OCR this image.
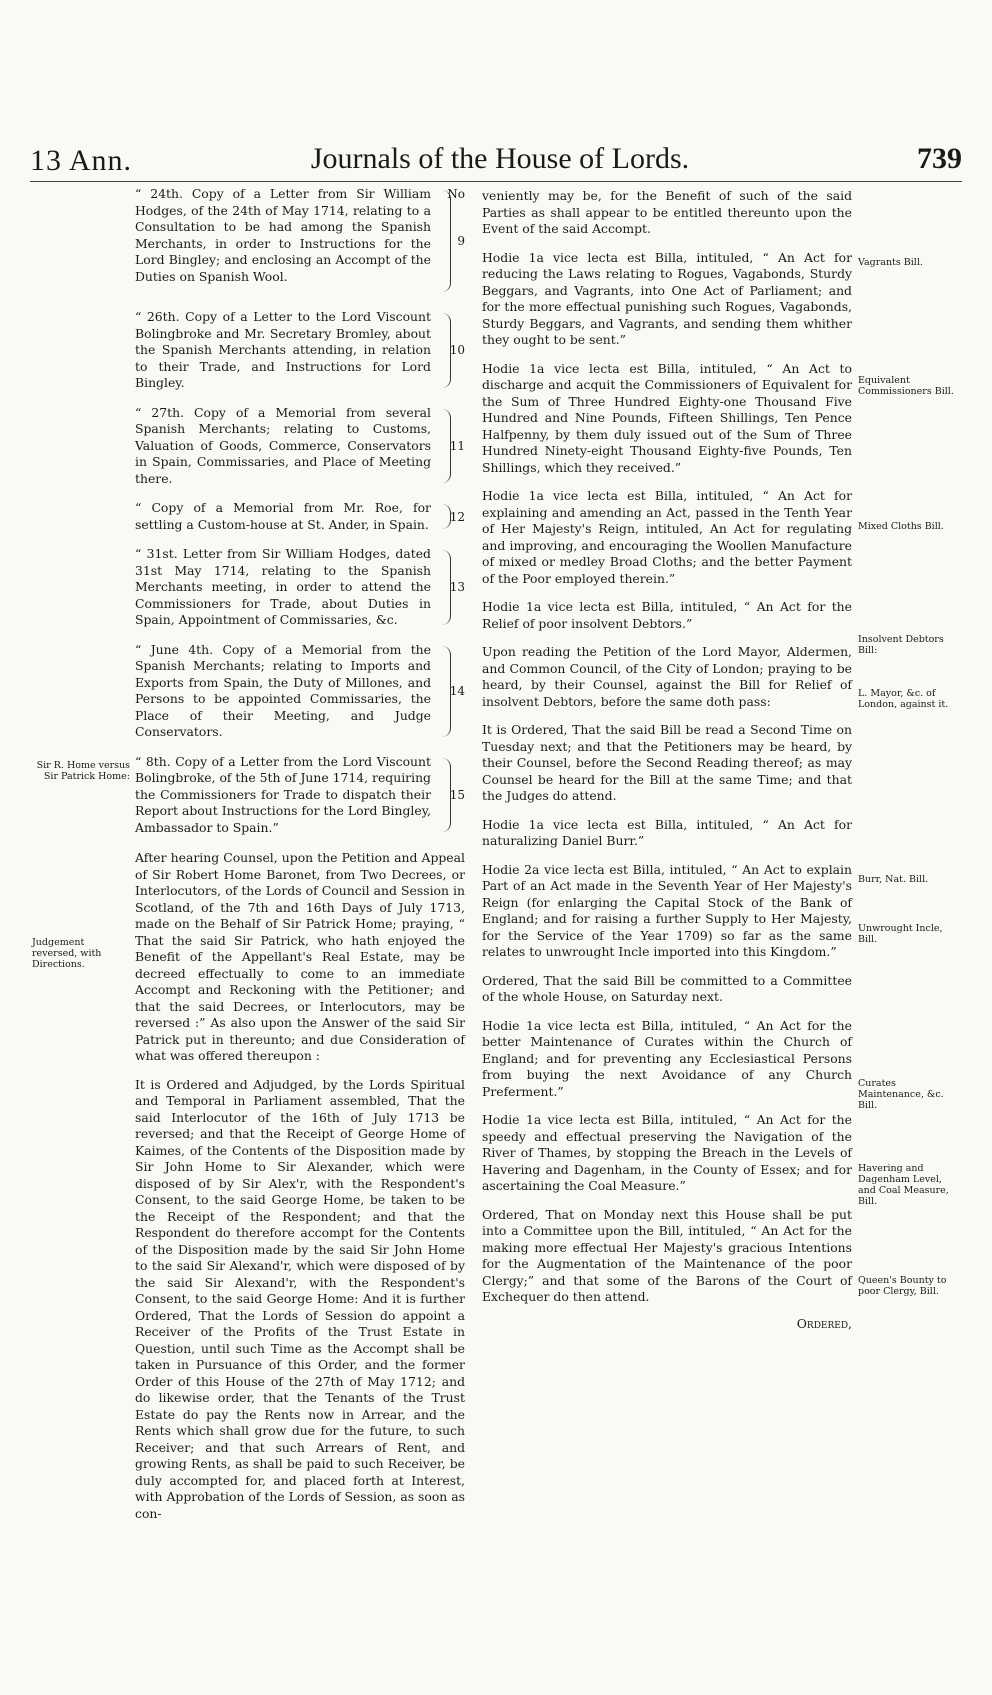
13 Ann.	Journals of the House of Lords.	739
Sir R. Home versus Sir Patrick Home:
Judgement reversed, with Directions.
“ 24th. Copy of a Letter from Sir William Hodges, of the 24th of May 1714, relating to a Consultation to be had among the Spanish Merchants, in order to Instructions for the Lord Bingley; and enclosing an Accompt of the Duties on Spanish Wool.
No
9
“ 26th. Copy of a Letter to the Lord Viscount Bolingbroke and Mr. Secretary Bromley, about the Spanish Merchants attending, in relation to their Trade, and Instructions for Lord Bingley.
10
“ 27th. Copy of a Memorial from several Spanish Merchants; relating to Customs, Valuation of Goods, Commerce, Conservators in Spain, Commissaries, and Place of Meeting there.
11
“ Copy of a Memorial from Mr. Roe, for settling a Custom-house at St. Ander, in Spain.
12
“ 31st. Letter from Sir William Hodges, dated 31st May 1714, relating to the Spanish Merchants meeting, in order to attend the Commissioners for Trade, about Duties in Spain, Appointment of Commissaries, &c.
13
“ June 4th. Copy of a Memorial from the Spanish Merchants; relating to Imports and Exports from Spain, the Duty of Millones, and Persons to be appointed Commissaries, the Place of their Meeting, and Judge Conservators.
14
“ 8th. Copy of a Letter from the Lord Viscount Bolingbroke, of the 5th of June 1714, requiring the Commissioners for Trade to dispatch their Report about Instructions for the Lord Bingley, Ambassador to Spain.”
15

After hearing Counsel, upon the Petition and Appeal of Sir Robert Home Baronet, from Two Decrees, or Interlocutors, of the Lords of Council and Session in Scotland, of the 7th and 16th Days of July 1713, made on the Behalf of Sir Patrick Home; praying, “ That the said Sir Patrick, who hath enjoyed the Benefit of the Appellant's Real Estate, may be decreed effectually to come to an immediate Accompt and Reckoning with the Petitioner; and that the said Decrees, or Interlocutors, may be reversed :” As also upon the Answer of the said Sir Patrick put in thereunto; and due Consideration of what was offered thereupon :

It is Ordered and Adjudged, by the Lords Spiritual and Temporal in Parliament assembled, That the said Interlocutor of the 16th of July 1713 be reversed; and that the Receipt of George Home of Kaimes, of the Contents of the Disposition made by Sir John Home to Sir Alexander, which were disposed of by Sir Alex'r, with the Respondent's Consent, to the said George Home, be taken to be the Receipt of the Respondent; and that the Respondent do therefore accompt for the Contents of the Disposition made by the said Sir John Home to the said Sir Alexand'r, which were disposed of by the said Sir Alexand'r, with the Respondent's Consent, to the said George Home: And it is further Ordered, That the Lords of Session do appoint a Receiver of the Profits of the Trust Estate in Question, until such Time as the Accompt shall be taken in Pursuance of this Order, and the former Order of this House of the 27th of May 1712; and do likewise order, that the Tenants of the Trust Estate do pay the Rents now in Arrear, and the Rents which shall grow due for the future, to such Receiver; and that such Arrears of Rent, and growing Rents, as shall be paid to such Receiver, be duly accompted for, and placed forth at Interest, with Approbation of the Lords of Session, as soon as con-

veniently may be, for the Benefit of such of the said Parties as shall appear to be entitled thereunto upon the Event of the said Accompt.

Hodie 1a vice lecta est Billa, intituled, “ An Act for reducing the Laws relating to Rogues, Vagabonds, Sturdy Beggars, and Vagrants, into One Act of Parliament; and for the more effectual punishing such Rogues, Vagabonds, Sturdy Beggars, and Vagrants, and sending them whither they ought to be sent.”

Hodie 1a vice lecta est Billa, intituled, “ An Act to discharge and acquit the Commissioners of Equivalent for the Sum of Three Hundred Eighty-one Thousand Five Hundred and Nine Pounds, Fifteen Shillings, Ten Pence Halfpenny, by them duly issued out of the Sum of Three Hundred Ninety-eight Thousand Eighty-five Pounds, Ten Shillings, which they received.”

Hodie 1a vice lecta est Billa, intituled, “ An Act for explaining and amending an Act, passed in the Tenth Year of Her Majesty's Reign, intituled, An Act for regulating and improving, and encouraging the Woollen Manufacture of mixed or medley Broad Cloths; and the better Payment of the Poor employed therein.”

Hodie 1a vice lecta est Billa, intituled, “ An Act for the Relief of poor insolvent Debtors.”

Upon reading the Petition of the Lord Mayor, Aldermen, and Common Council, of the City of London; praying to be heard, by their Counsel, against the Bill for Relief of insolvent Debtors, before the same doth pass:

It is Ordered, That the said Bill be read a Second Time on Tuesday next; and that the Petitioners may be heard, by their Counsel, before the Second Reading thereof; as may Counsel be heard for the Bill at the same Time; and that the Judges do attend.

Hodie 1a vice lecta est Billa, intituled, “ An Act for naturalizing Daniel Burr.”

Hodie 2a vice lecta est Billa, intituled, “ An Act to explain Part of an Act made in the Seventh Year of Her Majesty's Reign (for enlarging the Capital Stock of the Bank of England; and for raising a further Supply to Her Majesty, for the Service of the Year 1709) so far as the same relates to unwrought Incle imported into this Kingdom.”

Ordered, That the said Bill be committed to a Committee of the whole House, on Saturday next.

Hodie 1a vice lecta est Billa, intituled, “ An Act for the better Maintenance of Curates within the Church of England; and for preventing any Ecclesiastical Persons from buying the next Avoidance of any Church Preferment.”

Hodie 1a vice lecta est Billa, intituled, “ An Act for the speedy and effectual preserving the Navigation of the River of Thames, by stopping the Breach in the Levels of Havering and Dagenham, in the County of Essex; and for ascertaining the Coal Measure.”

Ordered, That on Monday next this House shall be put into a Committee upon the Bill, intituled, “ An Act for the making more effectual Her Majesty's gracious Intentions for the Augmentation of the Maintenance of the poor Clergy;” and that some of the Barons of the Court of Exchequer do then attend.

Ordered,
Vagrants Bill.
Equivalent Commissioners Bill.
Mixed Cloths Bill.
Insolvent Debtors Bill:
L. Mayor, &c. of London, against it.
Burr, Nat. Bill.
Unwrought Incle, Bill.
Curates Maintenance, &c. Bill.
Havering and Dagenham Level, and Coal Measure, Bill.
Queen's Bounty to poor Clergy, Bill.
